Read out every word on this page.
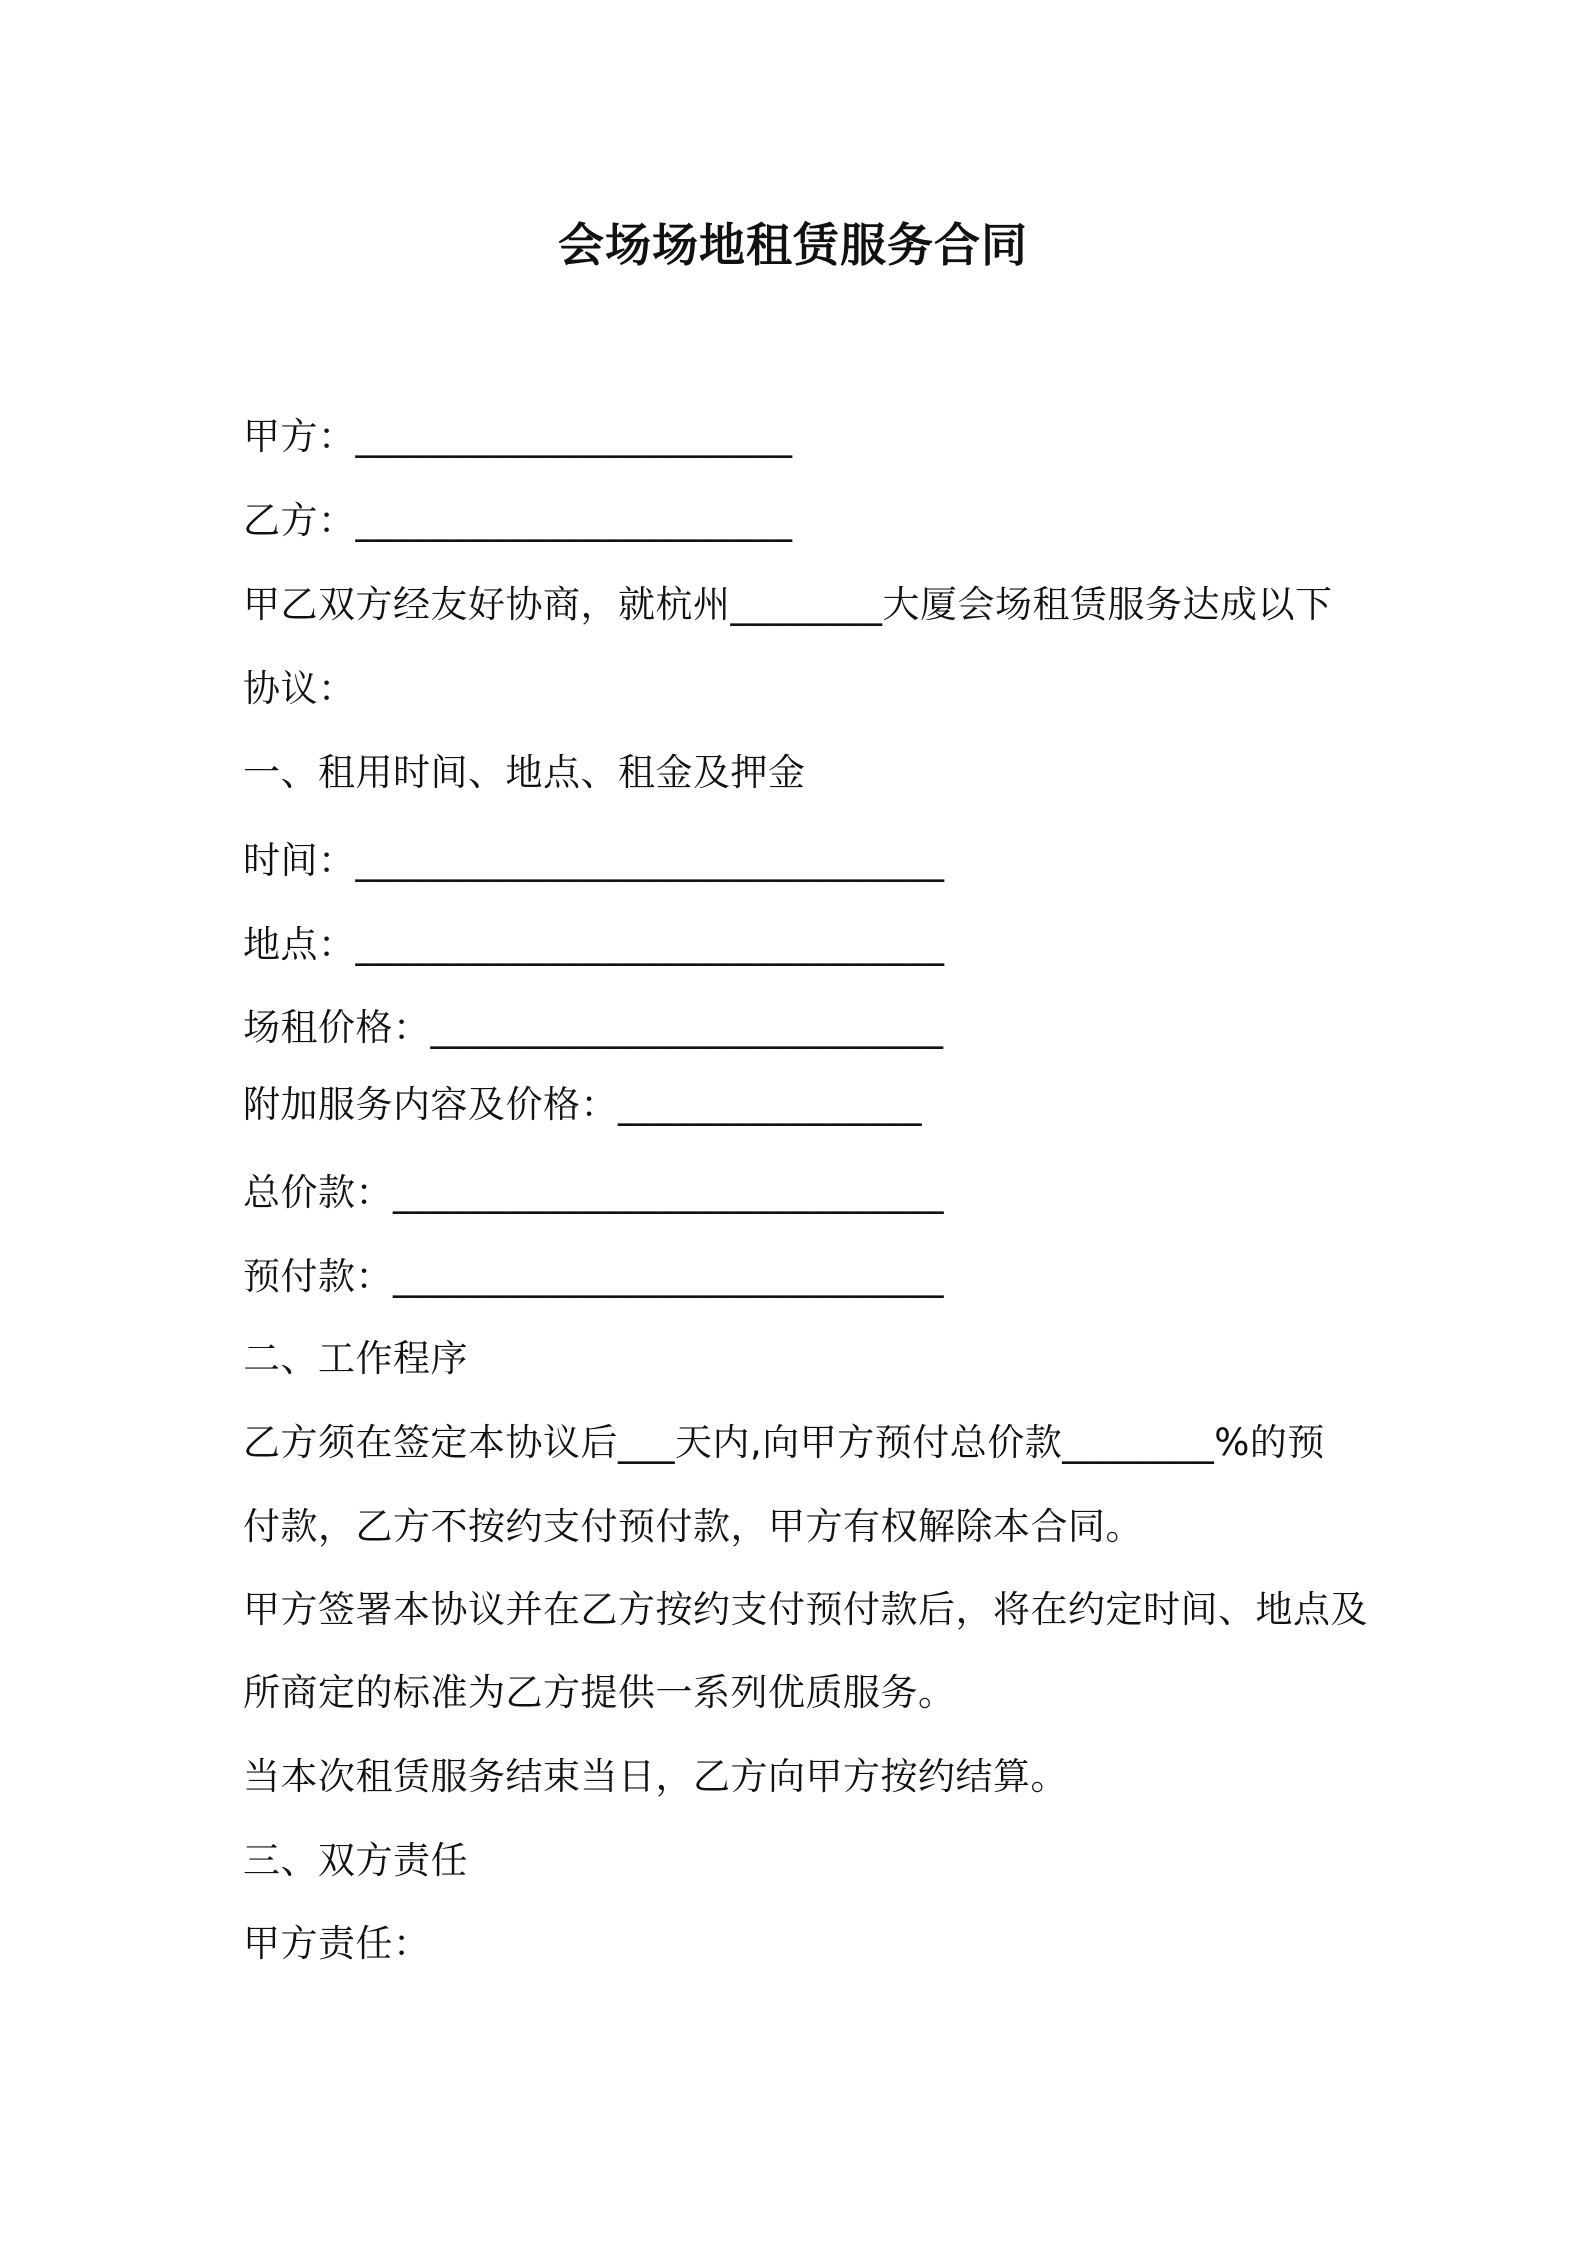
会场场地租赁服务合同
甲方：_______________________
乙方：_______________________
甲乙双方经友好协商，就杭州________大厦会场租赁服务达成以下
协议：
一、租用时间、地点、租金及押金
时间：_______________________________
地点：_______________________________
场租价格：___________________________
附加服务内容及价格：________________
总价款：_____________________________
预付款：_____________________________
二、工作程序
乙方须在签定本协议后___天内,向甲方预付总价款________%的预
付款，乙方不按约支付预付款，甲方有权解除本合同。
甲方签署本协议并在乙方按约支付预付款后，将在约定时间、地点及
所商定的标准为乙方提供一系列优质服务。
当本次租赁服务结束当日，乙方向甲方按约结算。
三、双方责任
甲方责任：
